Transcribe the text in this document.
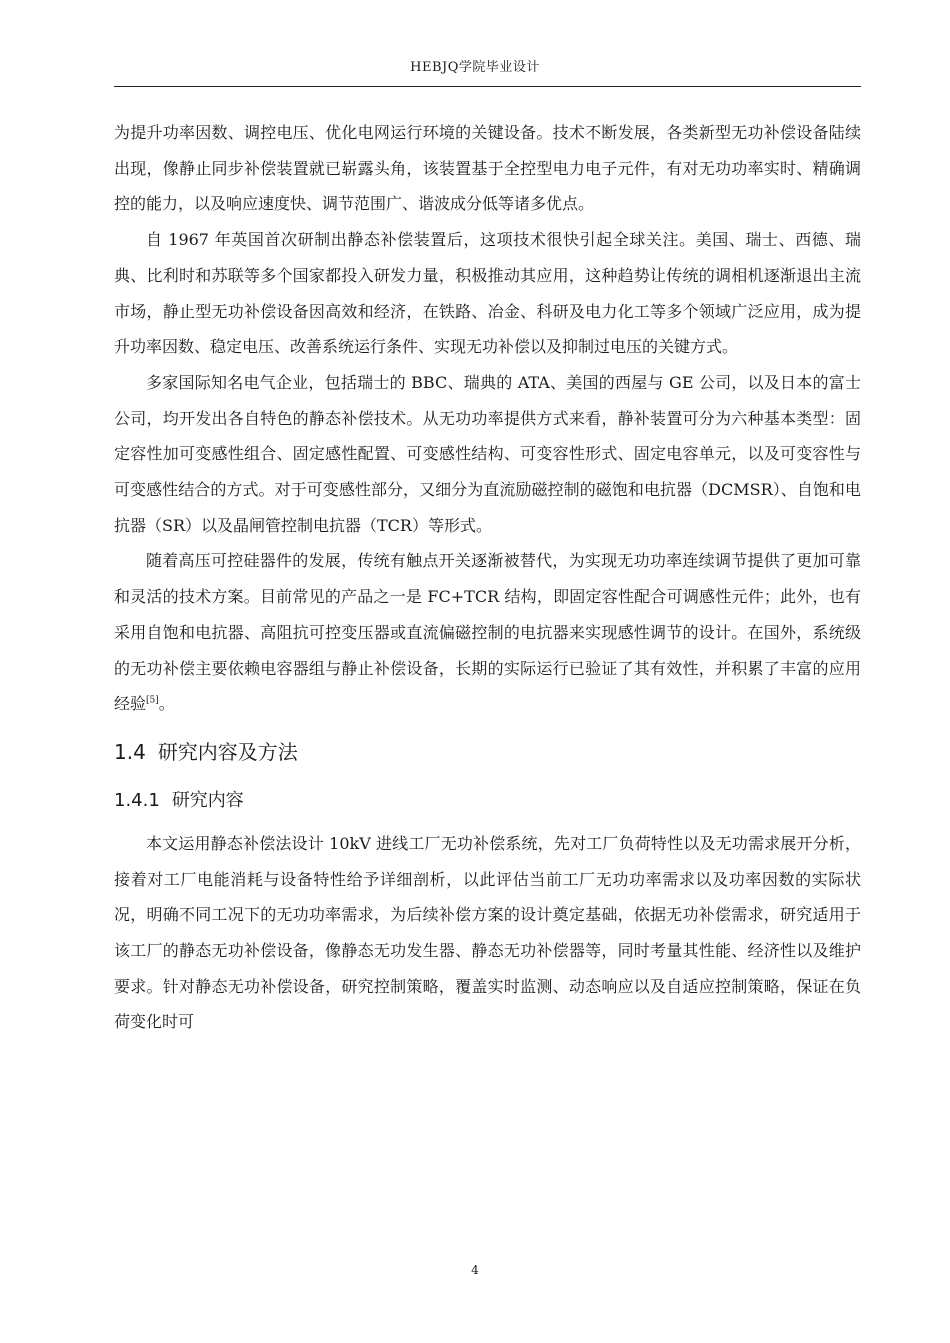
HEBJQ学院毕业设计

为提升功率因数、调控电压、优化电网运行环境的关键设备。技术不断发展，各类新型无功补偿设备陆续出现，像静止同步补偿装置就已崭露头角，该装置基于全控型电力电子元件，有对无功功率实时、精确调控的能力，以及响应速度快、调节范围广、谐波成分低等诸多优点。

自 1967 年英国首次研制出静态补偿装置后，这项技术很快引起全球关注。美国、瑞士、西德、瑞典、比利时和苏联等多个国家都投入研发力量，积极推动其应用，这种趋势让传统的调相机逐渐退出主流市场，静止型无功补偿设备因高效和经济，在铁路、冶金、科研及电力化工等多个领域广泛应用，成为提升功率因数、稳定电压、改善系统运行条件、实现无功补偿以及抑制过电压的关键方式。

多家国际知名电气企业，包括瑞士的 BBC、瑞典的 ATA、美国的西屋与 GE 公司，以及日本的富士公司，均开发出各自特色的静态补偿技术。从无功功率提供方式来看，静补装置可分为六种基本类型：固定容性加可变感性组合、固定感性配置、可变感性结构、可变容性形式、固定电容单元，以及可变容性与可变感性结合的方式。对于可变感性部分，又细分为直流励磁控制的磁饱和电抗器（DCMSR）、自饱和电抗器（SR）以及晶闸管控制电抗器（TCR）等形式。

随着高压可控硅器件的发展，传统有触点开关逐渐被替代，为实现无功功率连续调节提供了更加可靠和灵活的技术方案。目前常见的产品之一是 FC+TCR 结构，即固定容性配合可调感性元件；此外，也有采用自饱和电抗器、高阻抗可控变压器或直流偏磁控制的电抗器来实现感性调节的设计。在国外，系统级的无功补偿主要依赖电容器组与静止补偿设备，长期的实际运行已验证了其有效性，并积累了丰富的应用经验[5]。

1.4 研究内容及方法
1.4.1 研究内容

本文运用静态补偿法设计 10kV 进线工厂无功补偿系统，先对工厂负荷特性以及无功需求展开分析，接着对工厂电能消耗与设备特性给予详细剖析，以此评估当前工厂无功功率需求以及功率因数的实际状况，明确不同工况下的无功功率需求，为后续补偿方案的设计奠定基础，依据无功补偿需求，研究适用于该工厂的静态无功补偿设备，像静态无功发生器、静态无功补偿器等，同时考量其性能、经济性以及维护要求。针对静态无功补偿设备，研究控制策略，覆盖实时监测、动态响应以及自适应控制策略，保证在负荷变化时可

4
